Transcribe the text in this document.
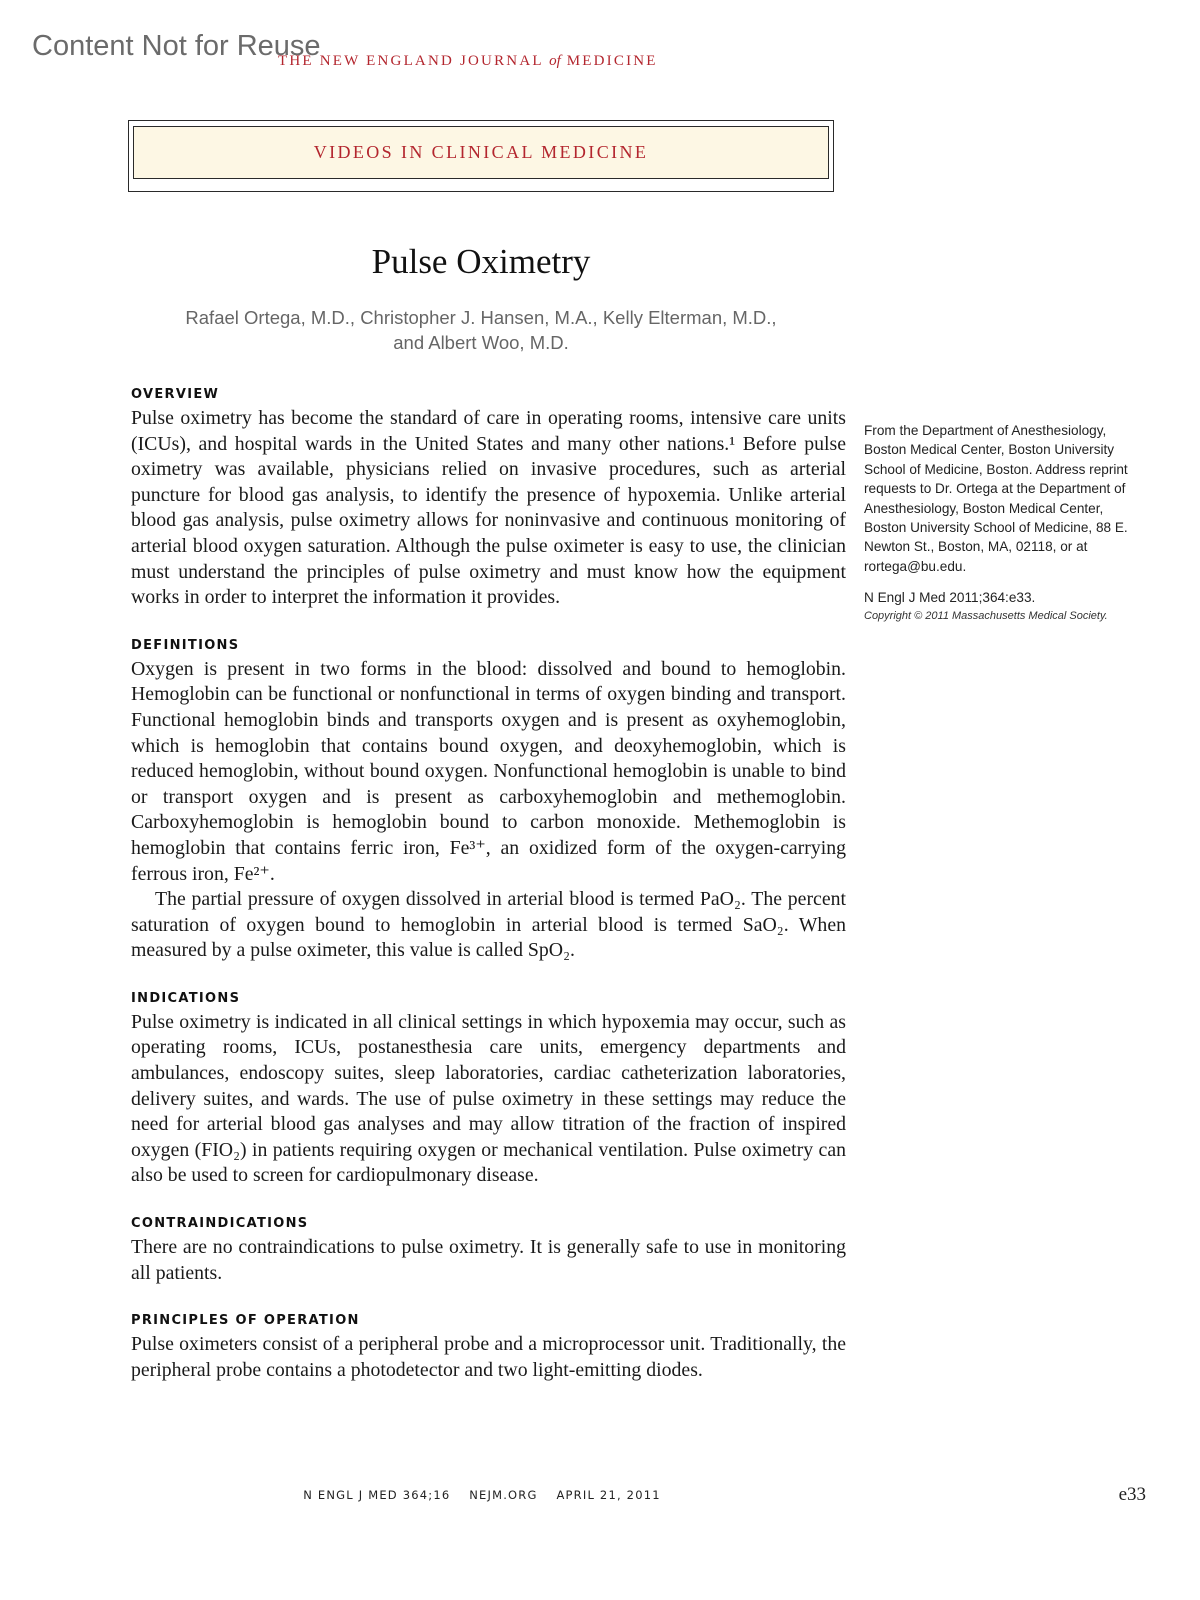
Content Not for Reuse
THE NEW ENGLAND JOURNAL of MEDICINE
VIDEOS IN CLINICAL MEDICINE
Pulse Oximetry
Rafael Ortega, M.D., Christopher J. Hansen, M.A., Kelly Elterman, M.D.,
and Albert Woo, M.D.
OVERVIEW

Pulse oximetry has become the standard of care in operating rooms, intensive care units (ICUs), and hospital wards in the United States and many other nations.¹ Before pulse oximetry was available, physicians relied on invasive procedures, such as arterial puncture for blood gas analysis, to identify the presence of hypoxemia. Unlike arterial blood gas analysis, pulse oximetry allows for noninvasive and continuous monitoring of arterial blood oxygen saturation. Although the pulse oximeter is easy to use, the clinician must understand the principles of pulse oximetry and must know how the equipment works in order to interpret the information it provides.

DEFINITIONS

Oxygen is present in two forms in the blood: dissolved and bound to hemoglobin. Hemoglobin can be functional or nonfunctional in terms of oxygen binding and transport. Functional hemoglobin binds and transports oxygen and is present as oxyhemoglobin, which is hemoglobin that contains bound oxygen, and deoxyhemoglobin, which is reduced hemoglobin, without bound oxygen. Nonfunctional hemoglobin is unable to bind or transport oxygen and is present as carboxyhemoglobin and methemoglobin. Carboxyhemoglobin is hemoglobin bound to carbon monoxide. Methemoglobin is hemoglobin that contains ferric iron, Fe³⁺, an oxidized form of the oxygen-carrying ferrous iron, Fe²⁺.

The partial pressure of oxygen dissolved in arterial blood is termed PaO₂. The percent saturation of oxygen bound to hemoglobin in arterial blood is termed SaO₂. When measured by a pulse oximeter, this value is called SpO₂.

INDICATIONS

Pulse oximetry is indicated in all clinical settings in which hypoxemia may occur, such as operating rooms, ICUs, postanesthesia care units, emergency departments and ambulances, endoscopy suites, sleep laboratories, cardiac catheterization laboratories, delivery suites, and wards. The use of pulse oximetry in these settings may reduce the need for arterial blood gas analyses and may allow titration of the fraction of inspired oxygen (FIO₂) in patients requiring oxygen or mechanical ventilation. Pulse oximetry can also be used to screen for cardiopulmonary disease.

CONTRAINDICATIONS

There are no contraindications to pulse oximetry. It is generally safe to use in monitoring all patients.

PRINCIPLES OF OPERATION

Pulse oximeters consist of a peripheral probe and a microprocessor unit. Traditionally, the peripheral probe contains a photodetector and two light-emitting diodes.

From the Department of Anesthesiology, Boston Medical Center, Boston University School of Medicine, Boston. Address reprint requests to Dr. Ortega at the Department of Anesthesiology, Boston Medical Center, Boston University School of Medicine, 88 E. Newton St., Boston, MA, 02118, or at rortega@bu.edu.
N Engl J Med 2011;364:e33.
Copyright © 2011 Massachusetts Medical Society.
N ENGL J MED 364;16 NEJM.ORG APRIL 21, 2011	e33
